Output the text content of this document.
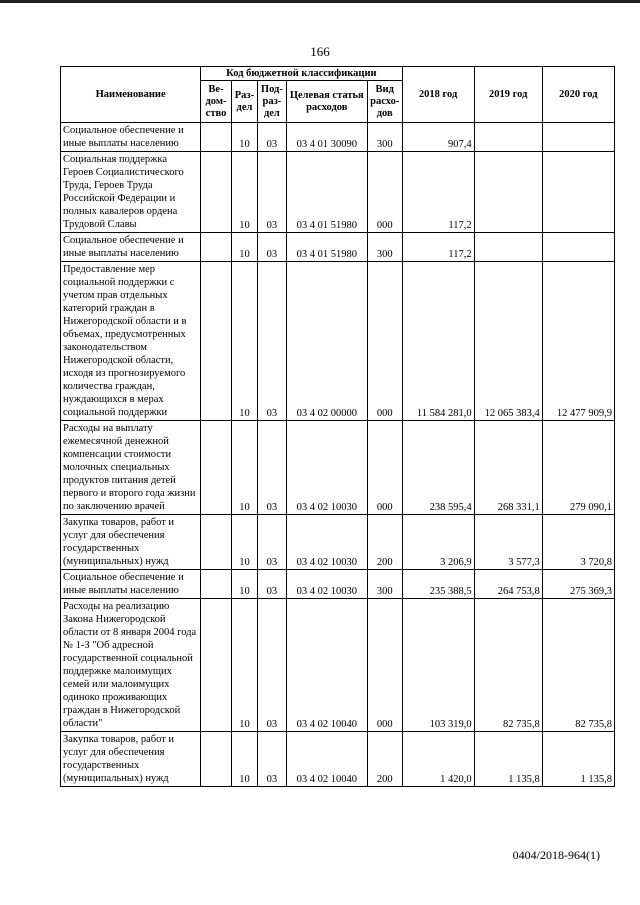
166
Наименование	Код бюджетной классификации					2018 год	2019 год	2020 год
	Ве-дом-ство	Раз-дел	Под-раз-дел	Целевая статья расходов	Вид расхо-дов			
Социальное обеспечение и иные выплаты населению		10	03	03 4 01 30090	300	907,4		
Социальная поддержка Героев Социалистического Труда, Героев Труда Российской Федерации и полных кавалеров ордена Трудовой Славы		10	03	03 4 01 51980	000	117,2		
Социальное обеспечение и иные выплаты населению		10	03	03 4 01 51980	300	117,2		
Предоставление мер социальной поддержки с учетом прав отдельных категорий граждан в Нижегородской области и в объемах, предусмотренных законодательством Нижегородской области, исходя из прогнозируемого количества граждан, нуждающихся в мерах социальной поддержки		10	03	03 4 02 00000	000	11 584 281,0	12 065 383,4	12 477 909,9
Расходы на выплату ежемесячной денежной компенсации стоимости молочных специальных продуктов питания детей первого и второго года жизни по заключению врачей		10	03	03 4 02 10030	000	238 595,4	268 331,1	279 090,1
Закупка товаров, работ и услуг для обеспечения государственных (муниципальных) нужд		10	03	03 4 02 10030	200	3 206,9	3 577,3	3 720,8
Социальное обеспечение и иные выплаты населению		10	03	03 4 02 10030	300	235 388,5	264 753,8	275 369,3
Расходы на реализацию Закона Нижегородской области от 8 января 2004 года № 1-З "Об адресной государственной социальной поддержке малоимущих семей или малоимущих одиноко проживающих граждан в Нижегородской области"		10	03	03 4 02 10040	000	103 319,0	82 735,8	82 735,8
Закупка товаров, работ и услуг для обеспечения государственных (муниципальных) нужд		10	03	03 4 02 10040	200	1 420,0	1 135,8	1 135,8
0404/2018-964(1)
